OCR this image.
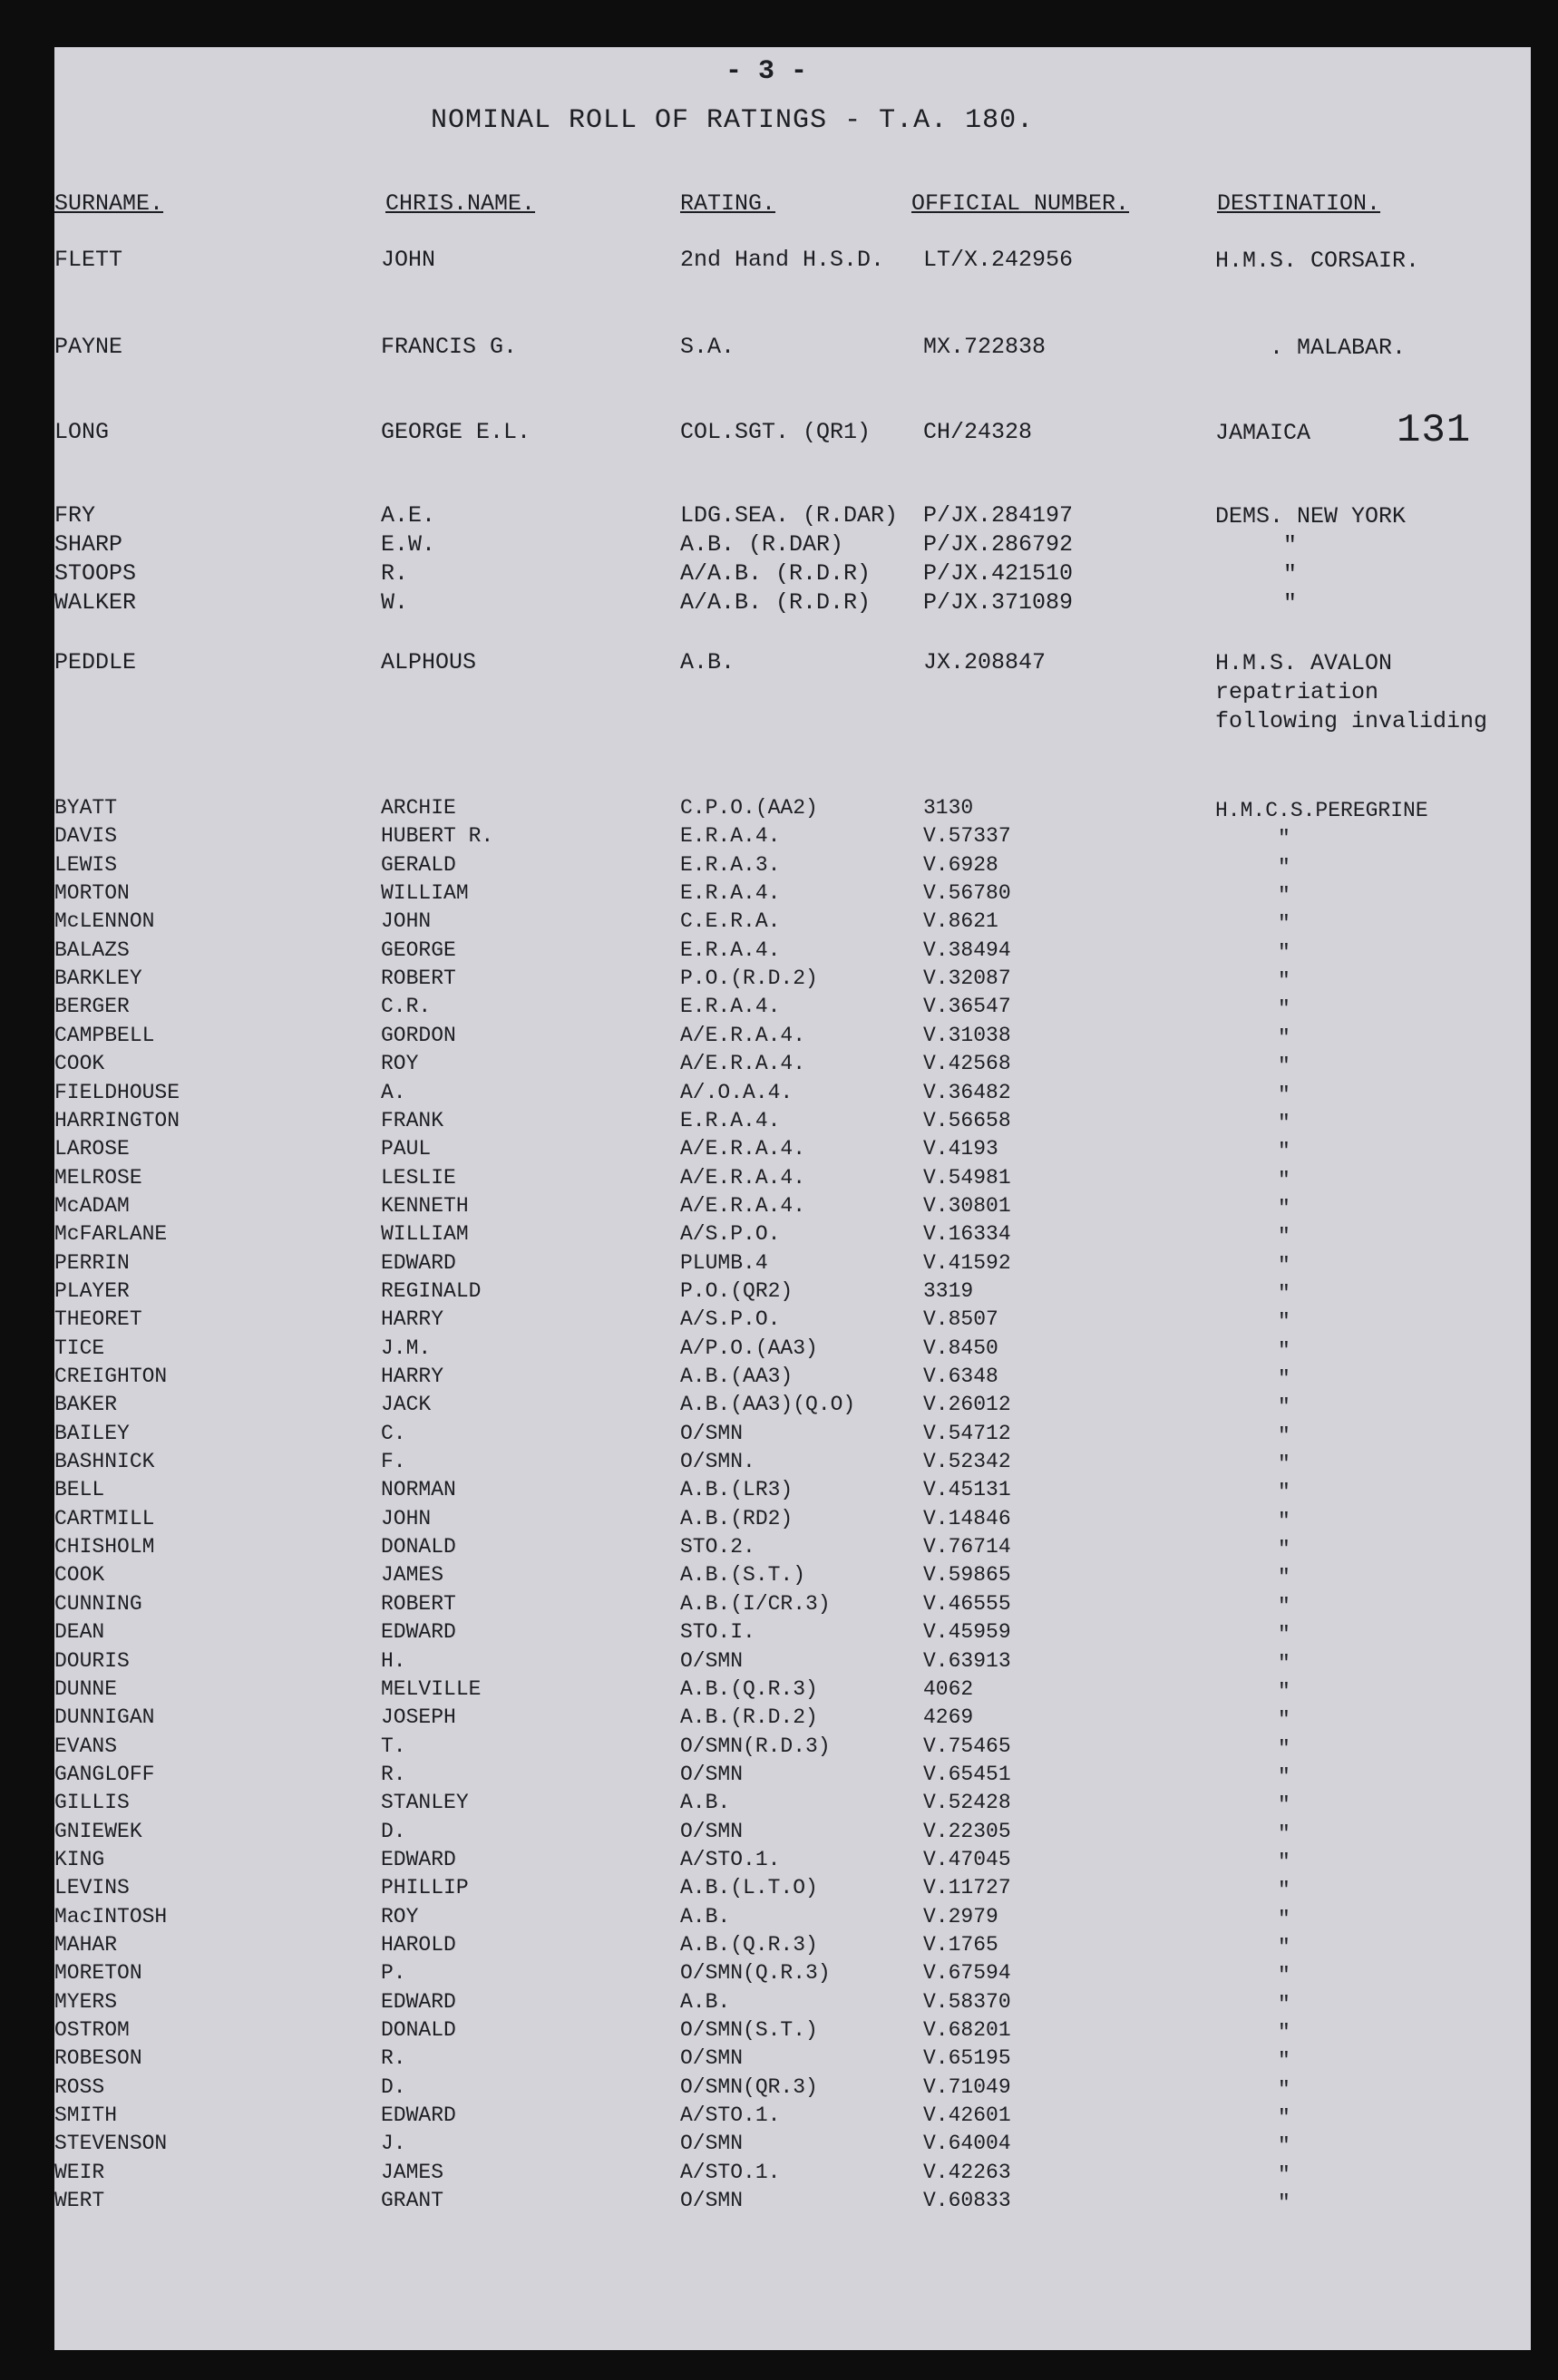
- 3 -
NOMINAL ROLL OF RATINGS - T.A. 180.
131
SURNAME.	CHRIS.NAME.	RATING.	OFFICIAL NUMBER.	DESTINATION.
FLETT	JOHN	2nd Hand H.S.D. LT/X.242956	H.M.S. CORSAIR.
PAYNE	FRANCIS G.	S.A.	MX.722838	. MALABAR.
LONG	GEORGE E.L.	COL.SGT. (QR1) CH/24328	JAMAICA
FRY	A.E.	LDG.SEA. (R.DAR) P/JX.284197	DEMS. NEW YORK
SHARP	E.W.	A.B. (R.DAR)	P/JX.286792	"
STOOPS	R.	A/A.B. (R.D.R) P/JX.421510	"
WALKER	W.	A/A.B. (R.D.R) P/JX.371089	"
PEDDLE	ALPHOUS	A.B.	JX.208847	H.M.S. AVALON
repatriation
following invaliding
BYATT	ARCHIE	C.P.O.(AA2)	3130	H.M.C.S.PEREGRINE
DAVIS	HUBERT R.	E.R.A.4.	V.57337	"
LEWIS	GERALD	E.R.A.3.	V.6928	"
MORTON	WILLIAM	E.R.A.4.	V.56780	"
McLENNON	JOHN	C.E.R.A.	V.8621	"
BALAZS	GEORGE	E.R.A.4.	V.38494	"
BARKLEY	ROBERT	P.O.(R.D.2)	V.32087	"
BERGER	C.R.	E.R.A.4.	V.36547	"
CAMPBELL	GORDON	A/E.R.A.4.	V.31038	"
COOK	ROY	A/E.R.A.4.	V.42568	"
FIELDHOUSE	A.	A/.O.A.4.	V.36482	"
HARRINGTON	FRANK	E.R.A.4.	V.56658	"
LAROSE	PAUL	A/E.R.A.4.	V.4193	"
MELROSE	LESLIE	A/E.R.A.4.	V.54981	"
McADAM	KENNETH	A/E.R.A.4.	V.30801	"
McFARLANE	WILLIAM	A/S.P.O.	V.16334	"
PERRIN	EDWARD	PLUMB.4	V.41592	"
PLAYER	REGINALD	P.O.(QR2)	3319	"
THEORET	HARRY	A/S.P.O.	V.8507	"
TICE	J.M.	A/P.O.(AA3)	V.8450	"
CREIGHTON	HARRY	A.B.(AA3)	V.6348	"
BAKER	JACK	A.B.(AA3)(Q.O)	V.26012	"
BAILEY	C.	O/SMN	V.54712	"
BASHNICK	F.	O/SMN.	V.52342	"
BELL	NORMAN	A.B.(LR3)	V.45131	"
CARTMILL	JOHN	A.B.(RD2)	V.14846	"
CHISHOLM	DONALD	STO.2.	V.76714	"
COOK	JAMES	A.B.(S.T.)	V.59865	"
CUNNING	ROBERT	A.B.(I/CR.3)	V.46555	"
DEAN	EDWARD	STO.I.	V.45959	"
DOURIS	H.	O/SMN	V.63913	"
DUNNE	MELVILLE	A.B.(Q.R.3)	4062	"
DUNNIGAN	JOSEPH	A.B.(R.D.2)	4269	"
EVANS	T.	O/SMN(R.D.3)	V.75465	"
GANGLOFF	R.	O/SMN	V.65451	"
GILLIS	STANLEY	A.B.	V.52428	"
GNIEWEK	D.	O/SMN	V.22305	"
KING	EDWARD	A/STO.1.	V.47045	"
LEVINS	PHILLIP	A.B.(L.T.O)	V.11727	"
MacINTOSH	ROY	A.B.	V.2979	"
MAHAR	HAROLD	A.B.(Q.R.3)	V.1765	"
MORETON	P.	O/SMN(Q.R.3)	V.67594	"
MYERS	EDWARD	A.B.	V.58370	"
OSTROM	DONALD	O/SMN(S.T.)	V.68201	"
ROBESON	R.	O/SMN	V.65195	"
ROSS	D.	O/SMN(QR.3)	V.71049	"
SMITH	EDWARD	A/STO.1.	V.42601	"
STEVENSON	J.	O/SMN	V.64004	"
WEIR	JAMES	A/STO.1.	V.42263	"
WERT	GRANT	O/SMN	V.60833	"
